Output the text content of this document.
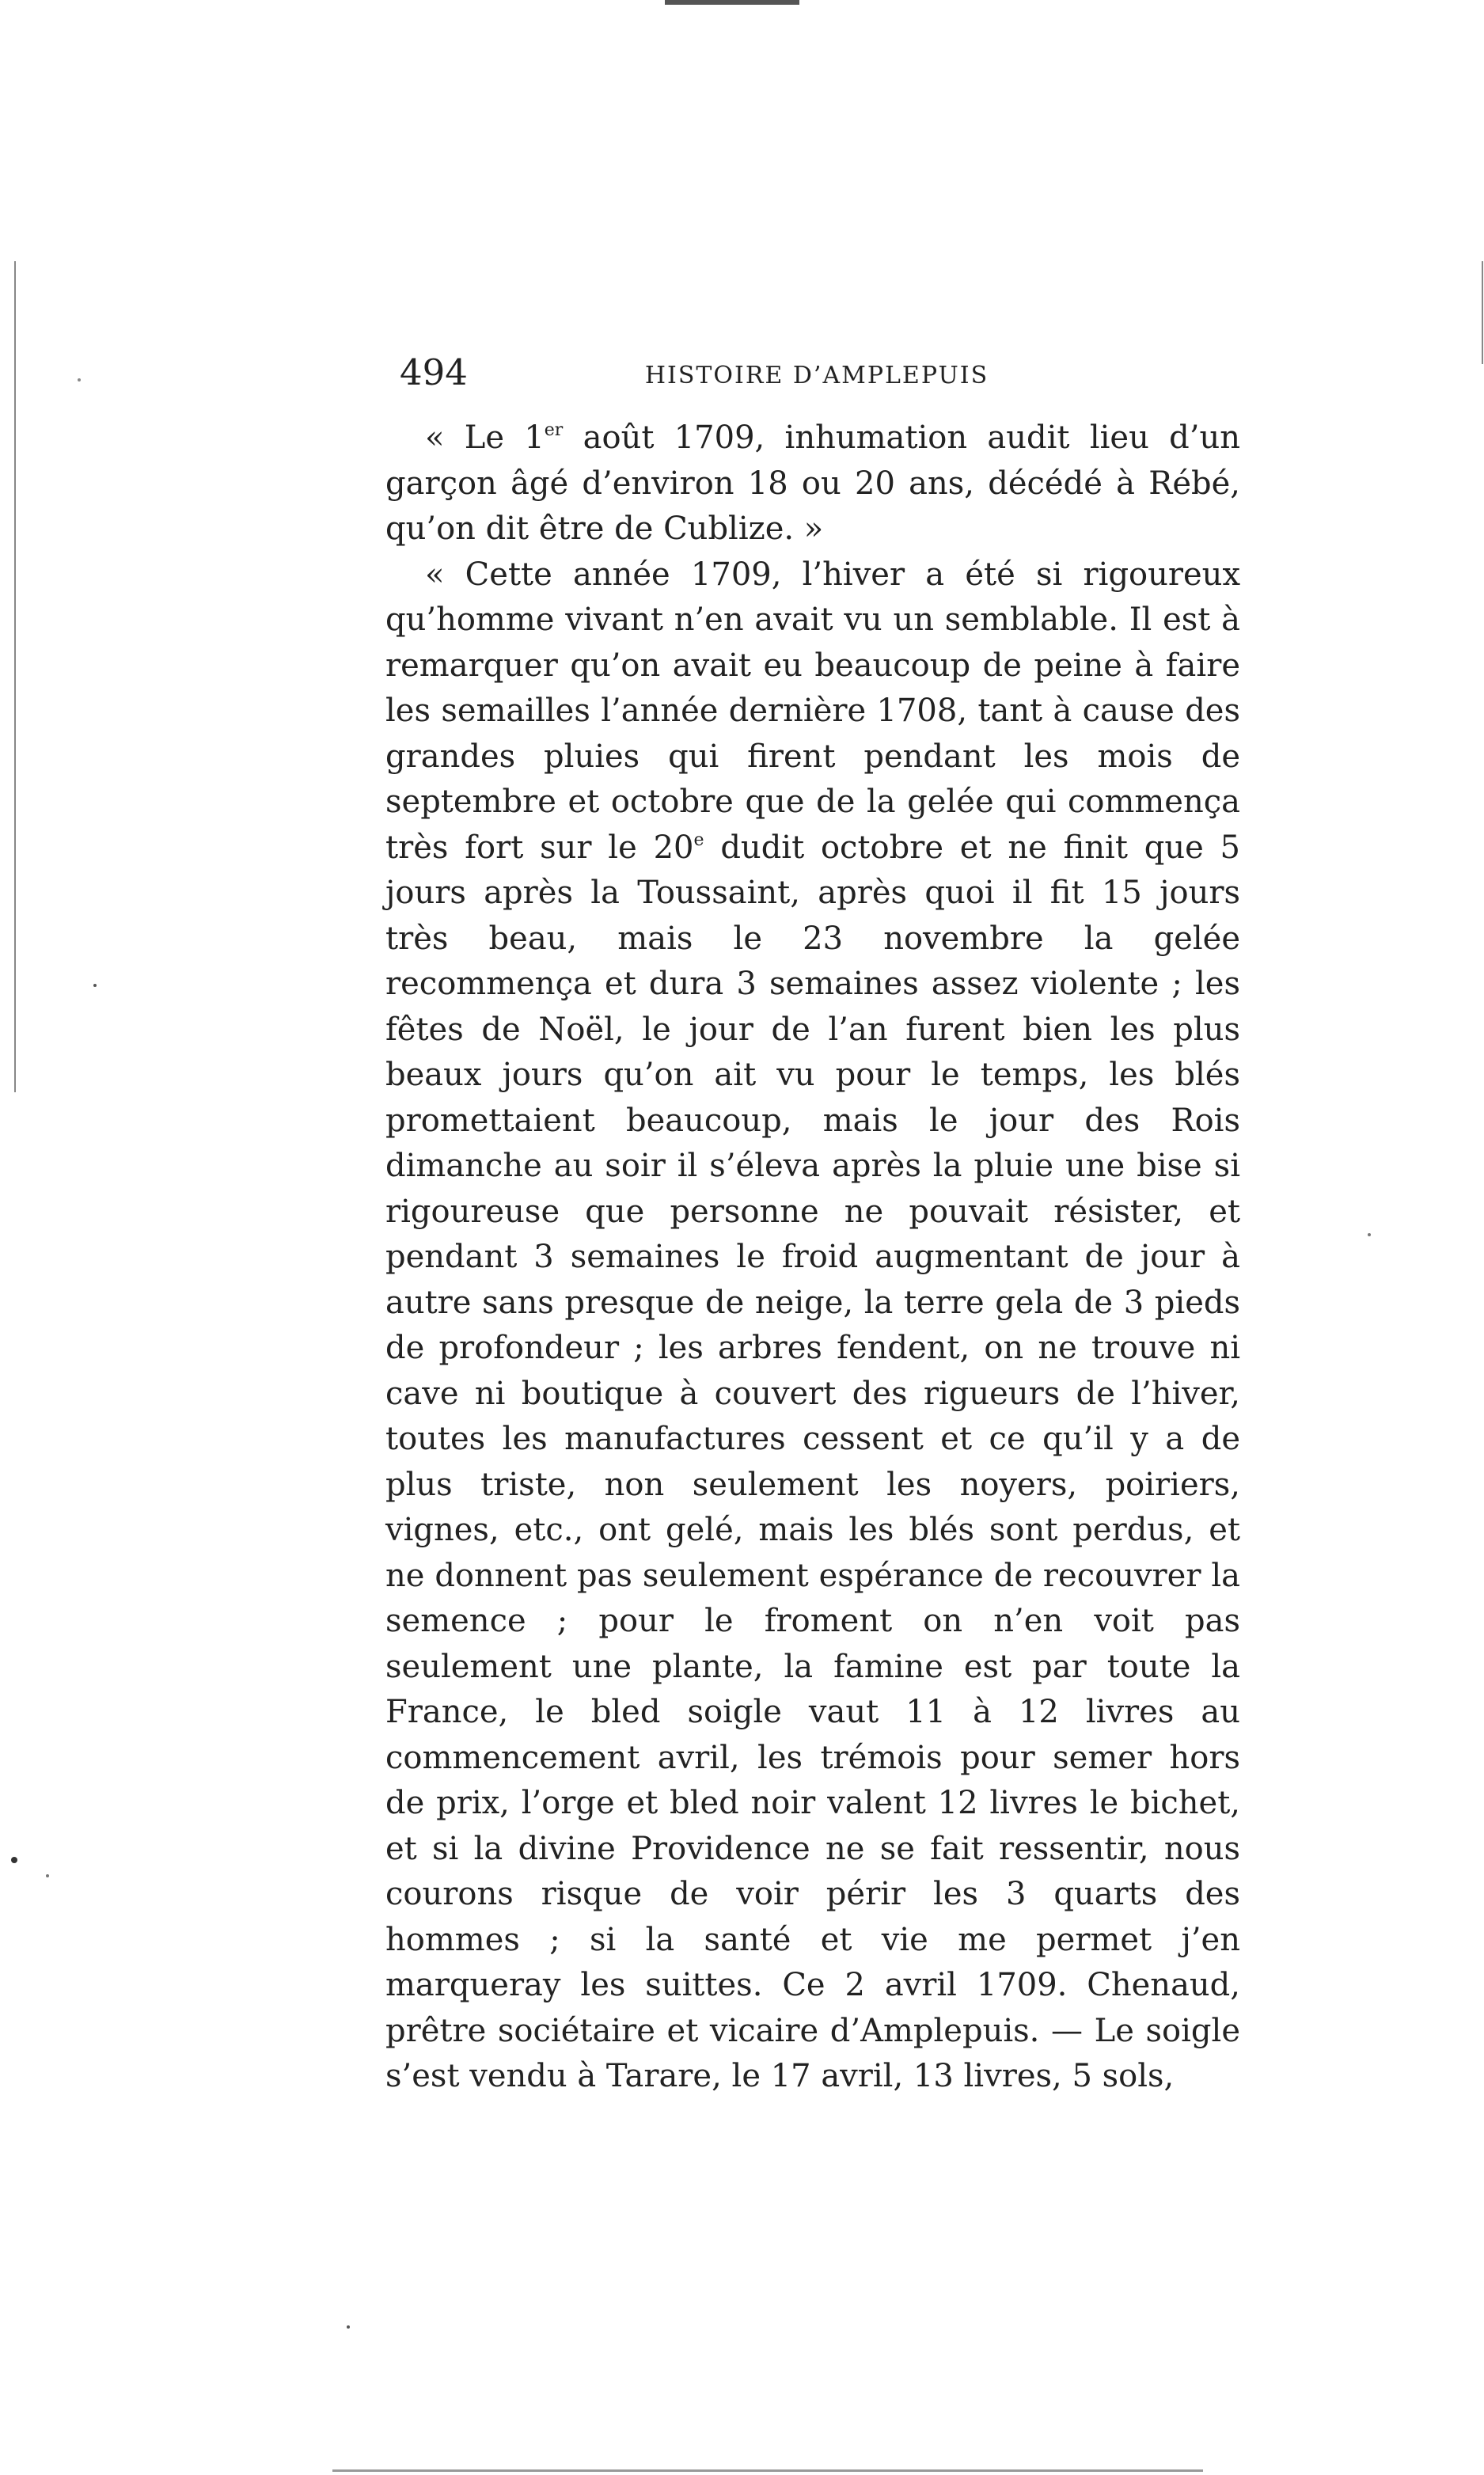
494	HISTOIRE D’AMPLEPUIS

« Le 1er août 1709, inhumation audit lieu d’un garçon âgé d’environ 18 ou 20 ans, décédé à Rébé, qu’on dit être de Cublize. »

« Cette année 1709, l’hiver a été si rigoureux qu’homme vivant n’en avait vu un semblable. Il est à remarquer qu’on avait eu beaucoup de peine à faire les semailles l’année dernière 1708, tant à cause des grandes pluies qui firent pendant les mois de septembre et octobre que de la gelée qui commença très fort sur le 20e dudit octobre et ne finit que 5 jours après la Toussaint, après quoi il fit 15 jours très beau, mais le 23 novembre la gelée recommença et dura 3 semaines assez violente ; les fêtes de Noël, le jour de l’an furent bien les plus beaux jours qu’on ait vu pour le temps, les blés promettaient beaucoup, mais le jour des Rois dimanche au soir il s’éleva après la pluie une bise si rigoureuse que personne ne pouvait résister, et pendant 3 semaines le froid augmentant de jour à autre sans presque de neige, la terre gela de 3 pieds de profondeur ; les arbres fendent, on ne trouve ni cave ni boutique à couvert des rigueurs de l’hiver, toutes les manufactures cessent et ce qu’il y a de plus triste, non seulement les noyers, poiriers, vignes, etc., ont gelé, mais les blés sont perdus, et ne donnent pas seulement espérance de recouvrer la semence ; pour le froment on n’en voit pas seulement une plante, la famine est par toute la France, le bled soigle vaut 11 à 12 livres au commencement avril, les trémois pour semer hors de prix, l’orge et bled noir valent 12 livres le bichet, et si la divine Providence ne se fait ressentir, nous courons risque de voir périr les 3 quarts des hommes ; si la santé et vie me permet j’en marqueray les suittes. Ce 2 avril 1709. Chenaud, prêtre sociétaire et vicaire d’Amplepuis. — Le soigle s’est vendu à Tarare, le 17 avril, 13 livres, 5 sols,
